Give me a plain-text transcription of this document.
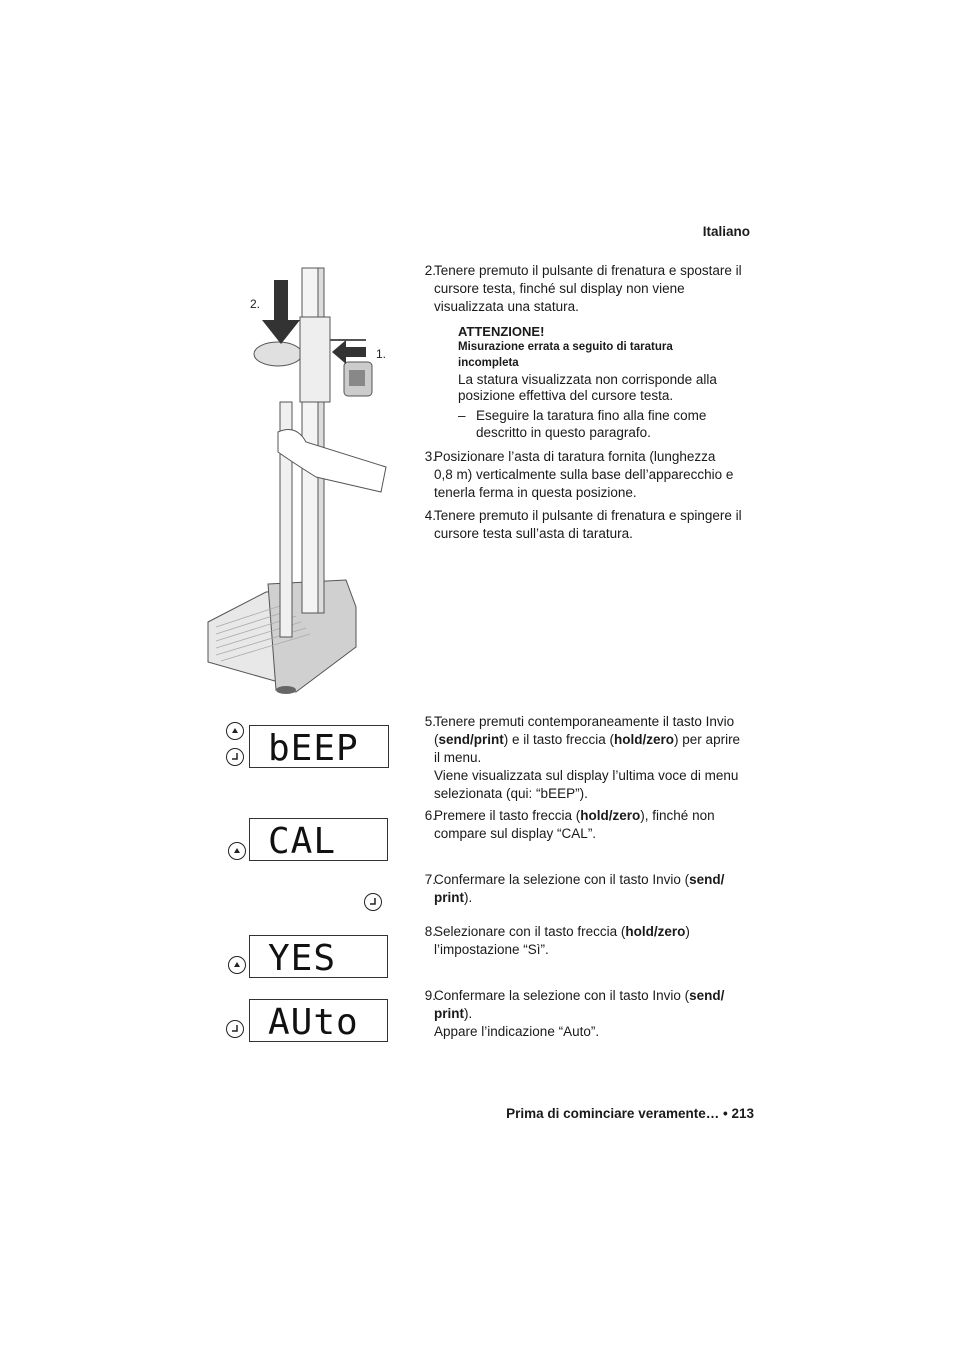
Italiano
2.
1.
2.
Tenere premuto il pulsante di frenatura e spostare il
cursore testa, finché sul display non viene
visualizzata una statura.
ATTENZIONE!
Misurazione errata a seguito di taratura
incompleta
La statura visualizzata non corrisponde alla
posizione effettiva del cursore testa.
– Eseguire la taratura fino alla fine come
descritto in questo paragrafo.
3.
Posizionare l’asta di taratura fornita (lunghezza
0,8 m) verticalmente sulla base dell’apparecchio e
tenerla ferma in questa posizione.
4.
Tenere premuto il pulsante di frenatura e spingere il
cursore testa sull’asta di taratura.
5.
Tenere premuti contemporaneamente il tasto Invio
(send/print) e il tasto freccia (hold/zero) per aprire
il menu.
Viene visualizzata sul display l’ultima voce di menu
selezionata (qui: “bEEP”).
6.
Premere il tasto freccia (hold/zero), finché non
compare sul display “CAL”.
7.
Confermare la selezione con il tasto Invio (send/
print).
8.
Selezionare con il tasto freccia (hold/zero)
l’impostazione “Sì”.
9.
Confermare la selezione con il tasto Invio (send/
print).
Appare l’indicazione “Auto”.
bEEP
CAL
YES
AUto
Prima di cominciare veramente… • 213
